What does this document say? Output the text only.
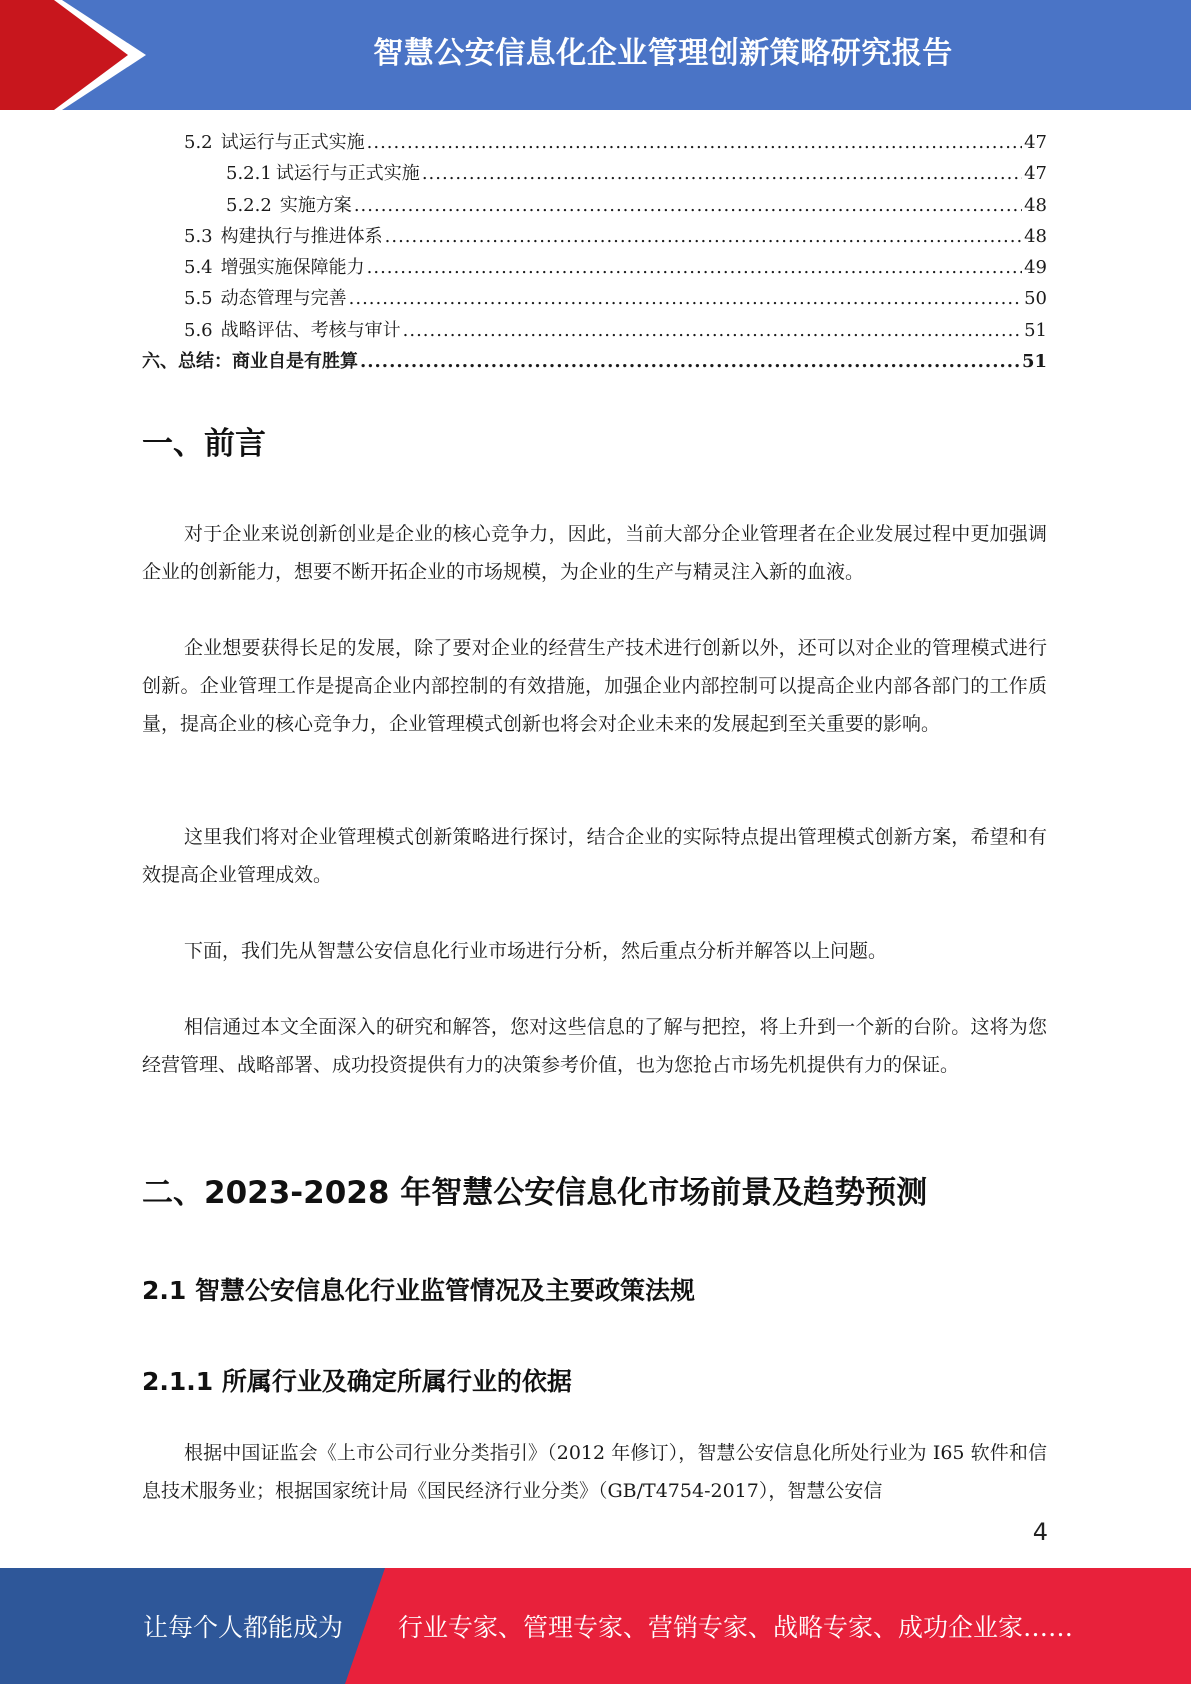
智慧公安信息化企业管理创新策略研究报告
5.2 试运行与正式实施 .....	47
5.2.1 试运行与正式实施 .....	47
5.2.2 实施方案 .....	48
5.3 构建执行与推进体系 .....	48
5.4 增强实施保障能力 .....	49
5.5 动态管理与完善 .....	50
5.6 战略评估、考核与审计 .....	51
六、总结：商业自是有胜算 .....	51
一、前言

对于企业来说创新创业是企业的核心竞争力，因此，当前大部分企业管理者在企业发展过程中更加强调企业的创新能力，想要不断开拓企业的市场规模，为企业的生产与精灵注入新的血液。

企业想要获得长足的发展，除了要对企业的经营生产技术进行创新以外，还可以对企业的管理模式进行创新。企业管理工作是提高企业内部控制的有效措施，加强企业内部控制可以提高企业内部各部门的工作质量，提高企业的核心竞争力，企业管理模式创新也将会对企业未来的发展起到至关重要的影响。

这里我们将对企业管理模式创新策略进行探讨，结合企业的实际特点提出管理模式创新方案，希望和有效提高企业管理成效。

下面，我们先从智慧公安信息化行业市场进行分析，然后重点分析并解答以上问题。

相信通过本文全面深入的研究和解答，您对这些信息的了解与把控，将上升到一个新的台阶。这将为您经营管理、战略部署、成功投资提供有力的决策参考价值，也为您抢占市场先机提供有力的保证。

二、2023-2028 年智慧公安信息化市场前景及趋势预测
2.1 智慧公安信息化行业监管情况及主要政策法规
2.1.1 所属行业及确定所属行业的依据

根据中国证监会《上市公司行业分类指引》（2012 年修订），智慧公安信息化所处行业为 I65 软件和信息技术服务业；根据国家统计局《国民经济行业分类》（GB/T4754-2017），智慧公安信

4
让每个人都能成为 行业专家、管理专家、营销专家、战略专家、成功企业家……
